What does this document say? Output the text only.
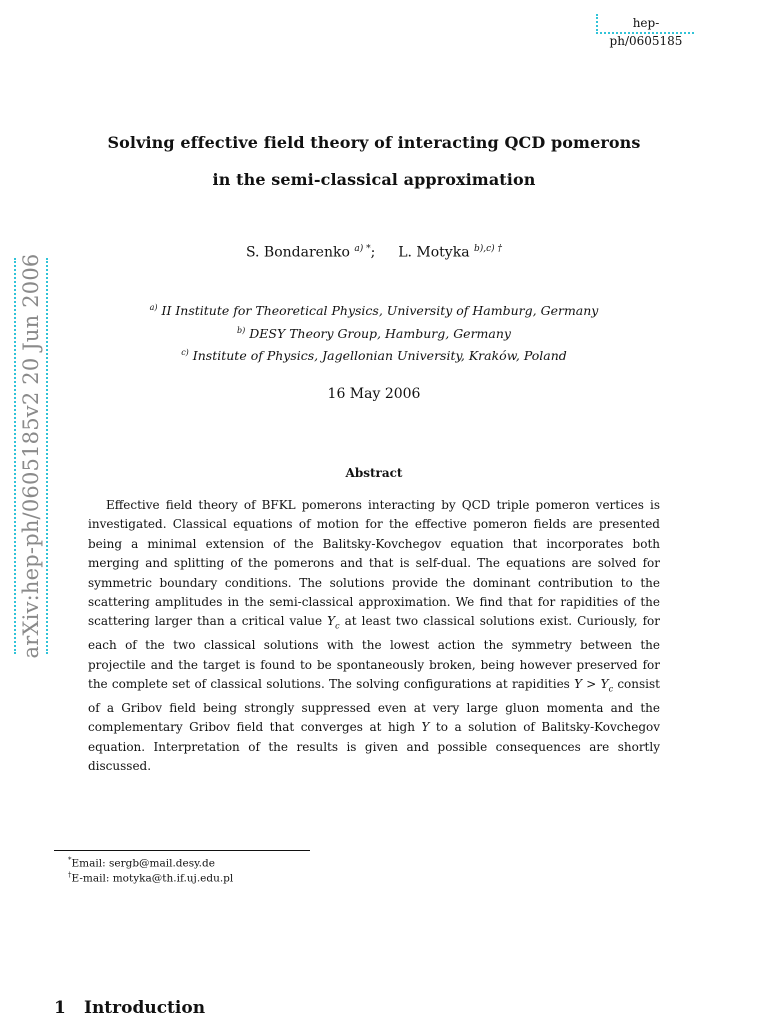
hep-ph/0605185
arXiv:hep-ph/0605185v2 20 Jun 2006
Solving effective field theory of interacting QCD pomerons
in the semi-classical approximation
S. Bondarenko $^{a) *}$; L. Motyka $^{b),c) \dagger}$
$^{a)}$ II Institute for Theoretical Physics, University of Hamburg, Germany
$^{b)}$ DESY Theory Group, Hamburg, Germany
$^{c)}$ Institute of Physics, Jagellonian University, Kraków, Poland
16 May 2006
Abstract
Effective field theory of BFKL pomerons interacting by QCD triple pomeron vertices is investigated. Classical equations of motion for the effective pomeron fields are presented being a minimal extension of the Balitsky-Kovchegov equation that incorporates both merging and splitting of the pomerons and that is self-dual. The equations are solved for symmetric boundary conditions. The solutions provide the dominant contribution to the scattering amplitudes in the semi-classical approximation. We find that for rapidities of the scattering larger than a critical value $Y_c$ at least two classical solutions exist. Curiously, for each of the two classical solutions with the lowest action the symmetry between the projectile and the target is found to be spontaneously broken, being however preserved for the complete set of classical solutions. The solving configurations at rapidities $Y > Y_c$ consist of a Gribov field being strongly suppressed even at very large gluon momenta and the complementary Gribov field that converges at high Y to a solution of Balitsky-Kovchegov equation. Interpretation of the results is given and possible consequences are shortly discussed.
*Email: sergb@mail.desy.de
†E-mail: motyka@th.if.uj.edu.pl
1 Introduction
